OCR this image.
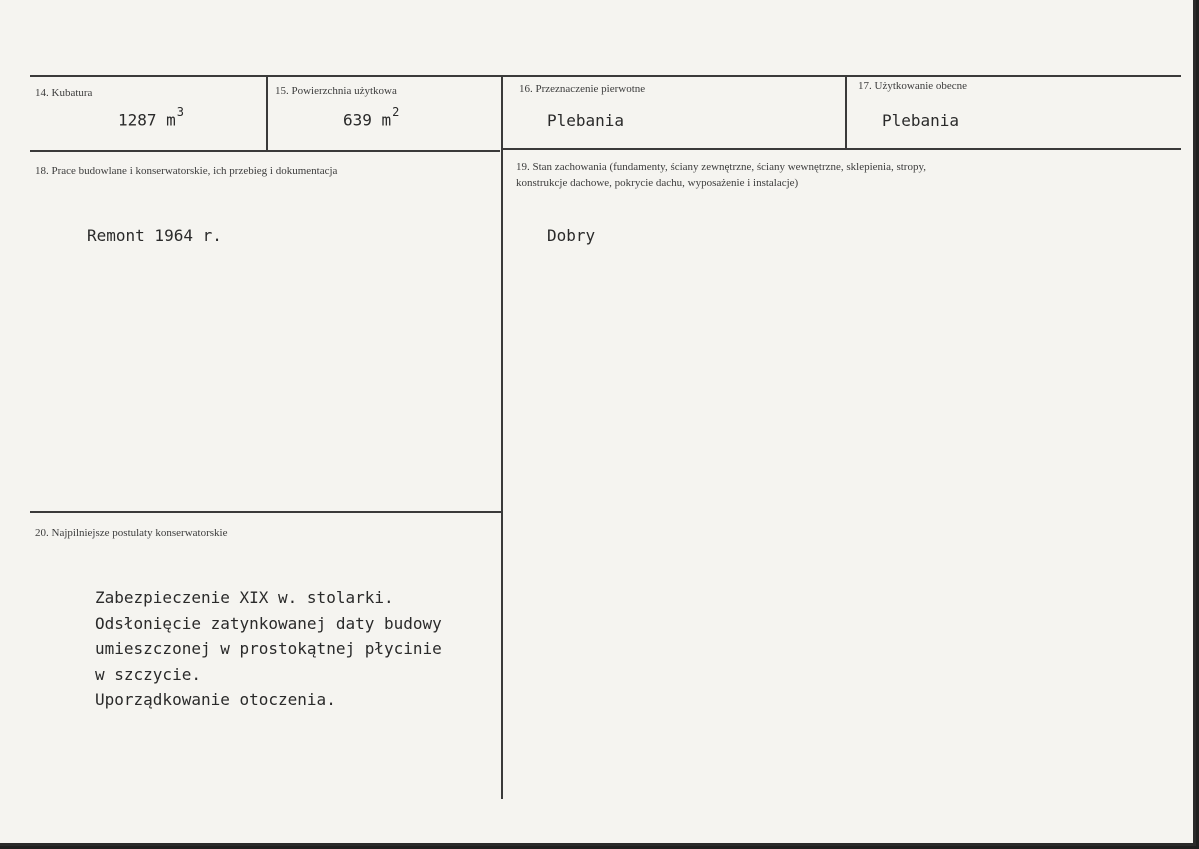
14. Kubatura
1287 $m^3$
15. Powierzchnia użytkowa
639 $m^2$
16. Przeznaczenie pierwotne
Plebania
17. Użytkowanie obecne
Plebania
18. Prace budowlane i konserwatorskie, ich przebieg i dokumentacja
Remont 1964 r.
19. Stan zachowania (fundamenty, ściany zewnętrzne, ściany wewnętrzne, sklepienia, stropy,
konstrukcje dachowe, pokrycie dachu, wyposażenie i instalacje)
Dobry
20. Najpilniejsze postulaty konserwatorskie
Zabezpieczenie XIX w. stolarki.
Odsłonięcie zatynkowanej daty budowy
umieszczonej w prostokątnej płycinie
w szczycie.
Uporządkowanie otoczenia.
